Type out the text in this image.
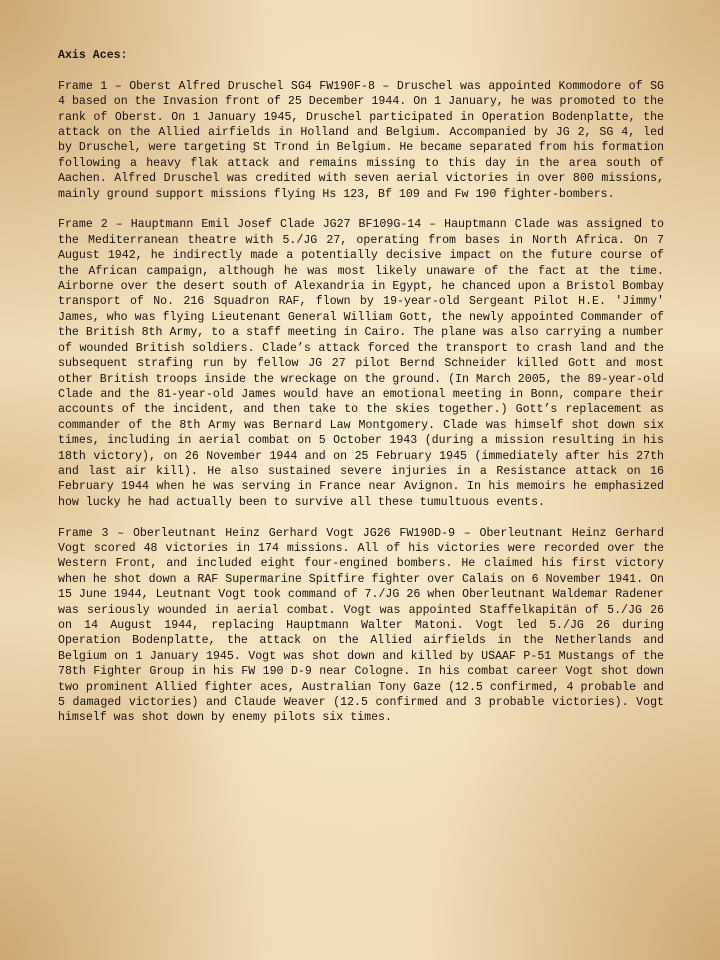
Axis Aces:

Frame 1 – Oberst Alfred Druschel SG4 FW190F-8 – Druschel was appointed Kommodore of SG 4 based on the Invasion front of 25 December 1944. On 1 January, he was promoted to the rank of Oberst. On 1 January 1945, Druschel participated in Operation Bodenplatte, the attack on the Allied airfields in Holland and Belgium. Accompanied by JG 2, SG 4, led by Druschel, were targeting St Trond in Belgium. He became separated from his formation following a heavy flak attack and remains missing to this day in the area south of Aachen. Alfred Druschel was credited with seven aerial victories in over 800 missions, mainly ground support missions flying Hs 123, Bf 109 and Fw 190 fighter-bombers.

Frame 2 – Hauptmann Emil Josef Clade JG27 BF109G-14 – Hauptmann Clade was assigned to the Mediterranean theatre with 5./JG 27, operating from bases in North Africa. On 7 August 1942, he indirectly made a potentially decisive impact on the future course of the African campaign, although he was most likely unaware of the fact at the time. Airborne over the desert south of Alexandria in Egypt, he chanced upon a Bristol Bombay transport of No. 216 Squadron RAF, flown by 19-year-old Sergeant Pilot H.E. 'Jimmy' James, who was flying Lieutenant General William Gott, the newly appointed Commander of the British 8th Army, to a staff meeting in Cairo. The plane was also carrying a number of wounded British soldiers. Clade’s attack forced the transport to crash land and the subsequent strafing run by fellow JG 27 pilot Bernd Schneider killed Gott and most other British troops inside the wreckage on the ground. (In March 2005, the 89-year-old Clade and the 81-year-old James would have an emotional meeting in Bonn, compare their accounts of the incident, and then take to the skies together.) Gott’s replacement as commander of the 8th Army was Bernard Law Montgomery. Clade was himself shot down six times, including in aerial combat on 5 October 1943 (during a mission resulting in his 18th victory), on 26 November 1944 and on 25 February 1945 (immediately after his 27th and last air kill). He also sustained severe injuries in a Resistance attack on 16 February 1944 when he was serving in France near Avignon. In his memoirs he emphasized how lucky he had actually been to survive all these tumultuous events.

Frame 3 – Oberleutnant Heinz Gerhard Vogt JG26 FW190D-9 – Oberleutnant Heinz Gerhard Vogt scored 48 victories in 174 missions. All of his victories were recorded over the Western Front, and included eight four-engined bombers. He claimed his first victory when he shot down a RAF Supermarine Spitfire fighter over Calais on 6 November 1941. On 15 June 1944, Leutnant Vogt took command of 7./JG 26 when Oberleutnant Waldemar Radener was seriously wounded in aerial combat. Vogt was appointed Staffelkapitän of 5./JG 26 on 14 August 1944, replacing Hauptmann Walter Matoni. Vogt led 5./JG 26 during Operation Bodenplatte, the attack on the Allied airfields in the Netherlands and Belgium on 1 January 1945. Vogt was shot down and killed by USAAF P-51 Mustangs of the 78th Fighter Group in his FW 190 D-9 near Cologne. In his combat career Vogt shot down two prominent Allied fighter aces, Australian Tony Gaze (12.5 confirmed, 4 probable and 5 damaged victories) and Claude Weaver (12.5 confirmed and 3 probable victories). Vogt himself was shot down by enemy pilots six times.
